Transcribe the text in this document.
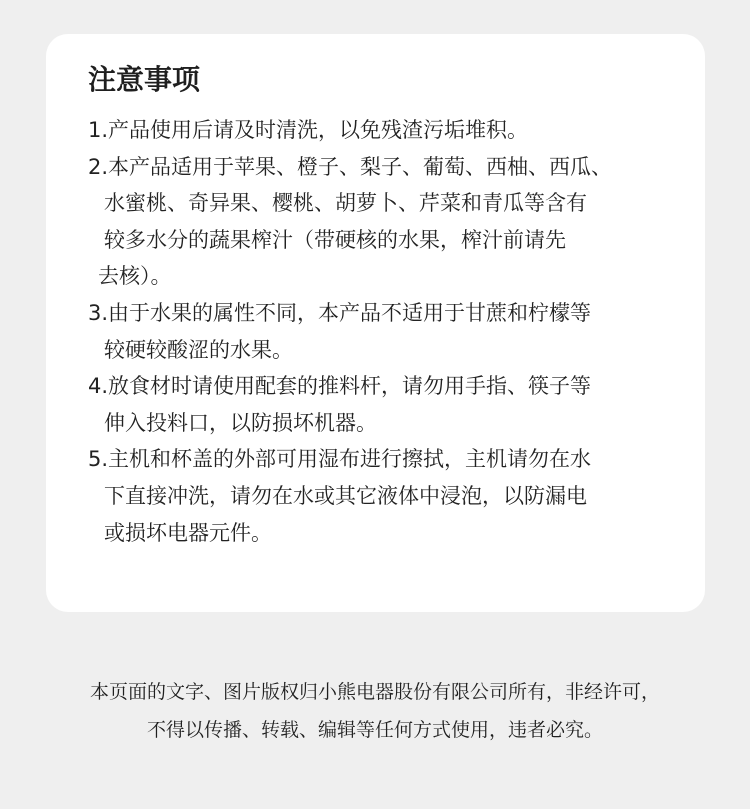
注意事项
1.产品使用后请及时清洗，以免残渣污垢堆积。
2.本产品适用于苹果、橙子、梨子、葡萄、西柚、西瓜、
水蜜桃、奇异果、樱桃、胡萝卜、芹菜和青瓜等含有
较多水分的蔬果榨汁（带硬核的水果，榨汁前请先
去核）。
3.由于水果的属性不同，本产品不适用于甘蔗和柠檬等
较硬较酸涩的水果。
4.放食材时请使用配套的推料杆，请勿用手指、筷子等
伸入投料口，以防损坏机器。
5.主机和杯盖的外部可用湿布进行擦拭，主机请勿在水
下直接冲洗，请勿在水或其它液体中浸泡，以防漏电
或损坏电器元件。
本页面的文字、图片版权归小熊电器股份有限公司所有，非经许可，
不得以传播、转载、编辑等任何方式使用，违者必究。
